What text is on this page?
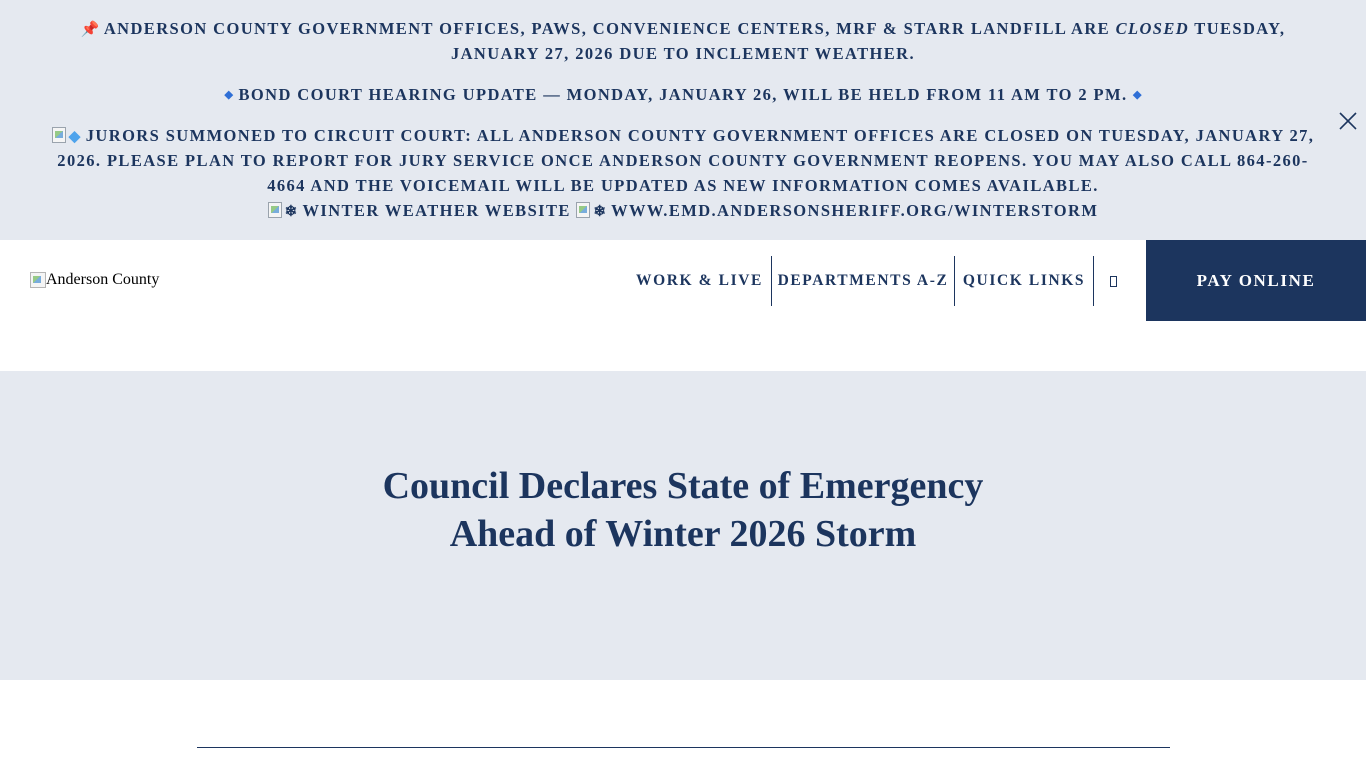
📌 ANDERSON COUNTY GOVERNMENT OFFICES, PAWS, CONVENIENCE CENTERS, MRF & STARR LANDFILL ARE CLOSED TUESDAY,
JANUARY 27, 2026 DUE TO INCLEMENT WEATHER.
◆ BOND COURT HEARING UPDATE — MONDAY, JANUARY 26, WILL BE HELD FROM 11 AM TO 2 PM. ◆
◆ JURORS SUMMONED TO CIRCUIT COURT: ALL ANDERSON COUNTY GOVERNMENT OFFICES ARE CLOSED ON TUESDAY, JANUARY 27,
2026. PLEASE PLAN TO REPORT FOR JURY SERVICE ONCE ANDERSON COUNTY GOVERNMENT REOPENS. YOU MAY ALSO CALL 864-260-
4664 AND THE VOICEMAIL WILL BE UPDATED AS NEW INFORMATION COMES AVAILABLE.
❄ WINTER WEATHER WEBSITE ❄ WWW.EMD.ANDERSONSHERIFF.ORG/WINTERSTORM
Anderson County	WORK & LIVE DEPARTMENTS A-Z QUICK LINKS	PAY ONLINE
Council Declares State of Emergency
Ahead of Winter 2026 Storm
